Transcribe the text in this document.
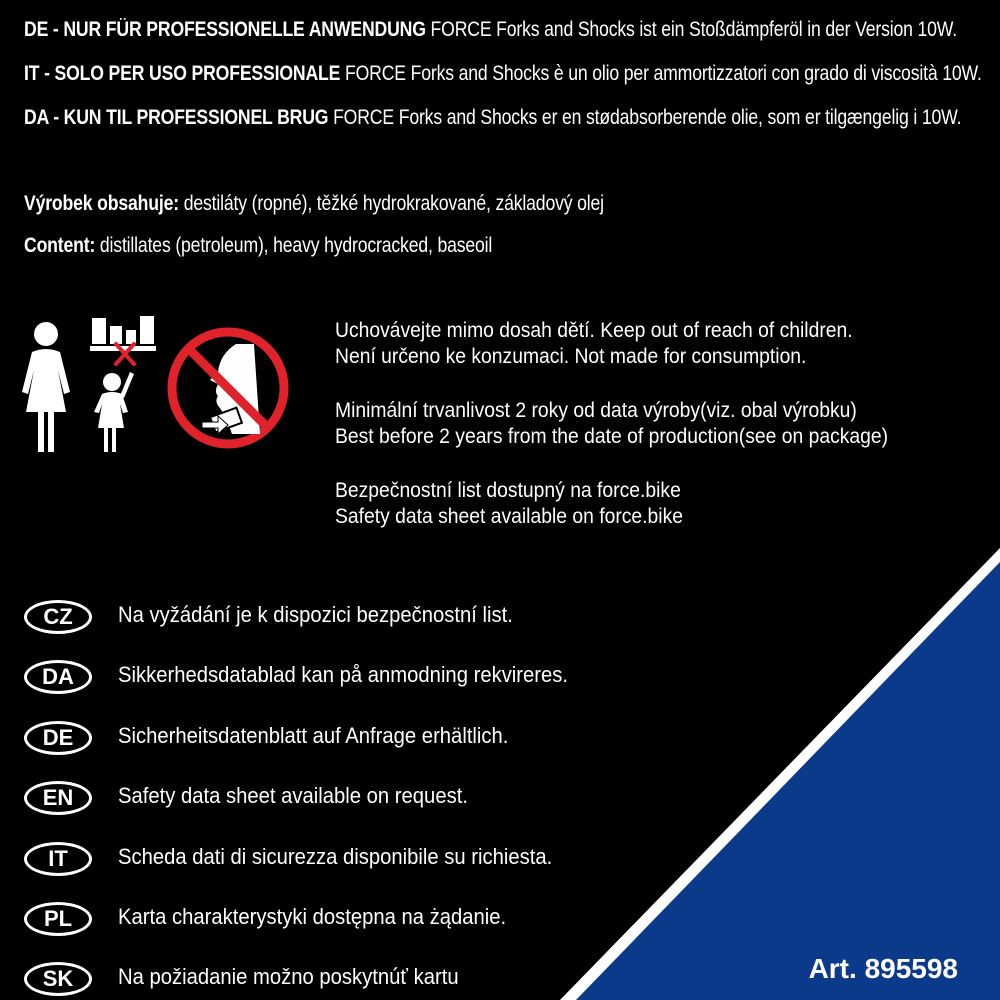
DE - NUR FÜR PROFESSIONELLE ANWENDUNG FORCE Forks and Shocks ist ein Stoßdämpferöl in der Version 10W.
IT - SOLO PER USO PROFESSIONALE FORCE Forks and Shocks è un olio per ammortizzatori con grado di viscosità 10W.
DA - KUN TIL PROFESSIONEL BRUG FORCE Forks and Shocks er en stødabsorberende olie, som er tilgængelig i 10W.
Výrobek obsahuje: destiláty (ropné), těžké hydrokrakované, základový olej
Content: distillates (petroleum), heavy hydrocracked, baseoil

Uchovávejte mimo dosah dětí. Keep out of reach of children.
Není určeno ke konzumaci. Not made for consumption.
Minimální trvanlivost 2 roky od data výroby(viz. obal výrobku)
Best before 2 years from the date of production(see on package)
Bezpečnostní list dostupný na force.bike
Safety data sheet available on force.bike
CZ	Na vyžádání je k dispozici bezpečnostní list.
DA	Sikkerhedsdatablad kan på anmodning rekvireres.
DE	Sicherheitsdatenblatt auf Anfrage erhältlich.
EN	Safety data sheet available on request.
IT	Scheda dati di sicurezza disponibile su richiesta.
PL	Karta charakterystyki dostępna na żądanie.
SK	Na požiadanie možno poskytnúť kartu	Art. 895598
